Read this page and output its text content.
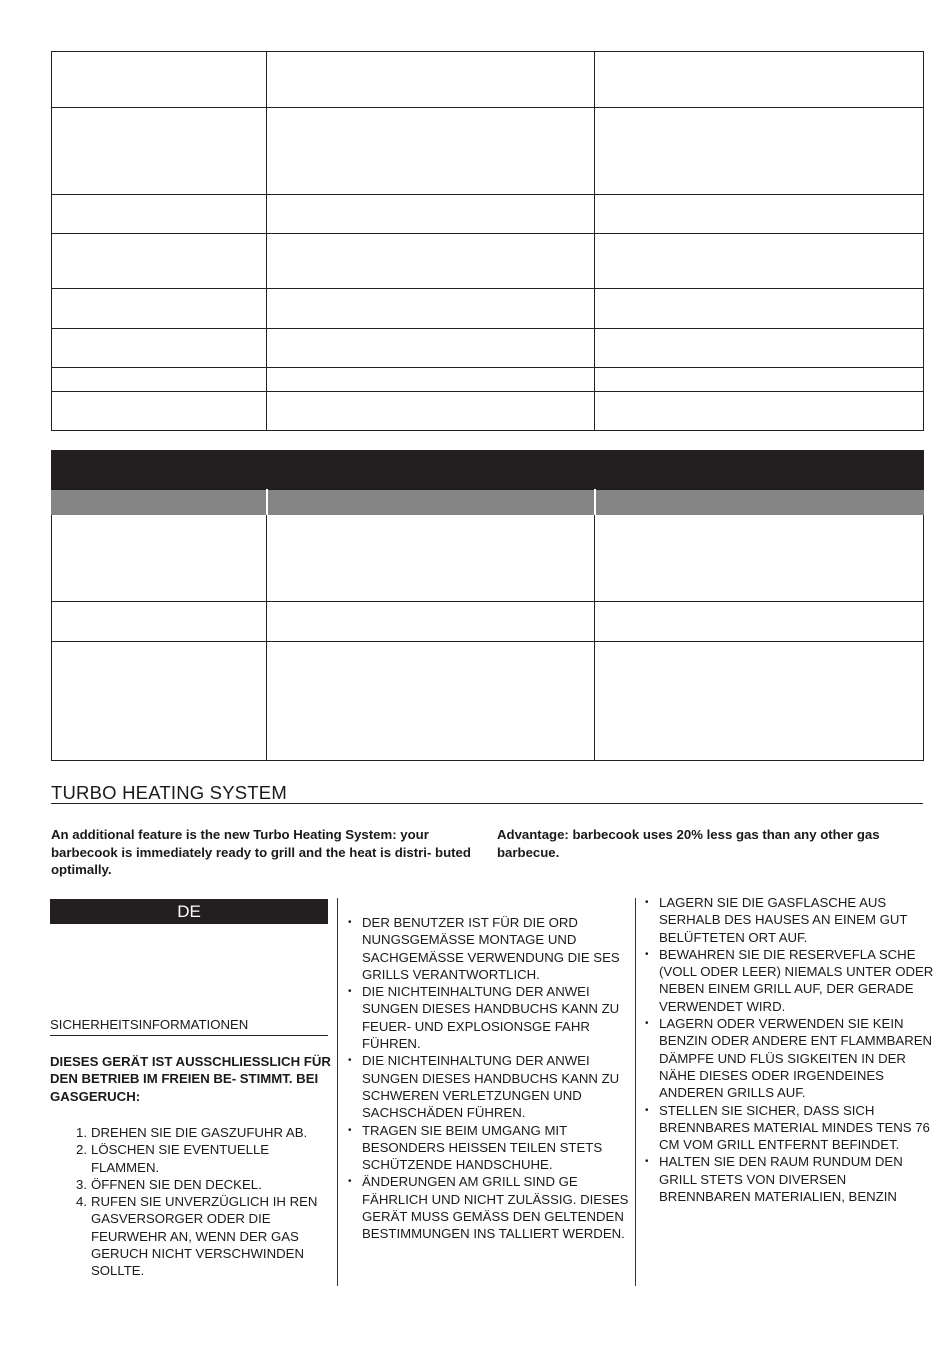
TURBO HEATING SYSTEM

An additional feature is the new Turbo Heating System: your barbecook is immediately ready to grill and the heat is distri- buted optimally.

Advantage: barbecook uses 20% less gas than any other gas barbecue.

DE
SICHERHEITSINFORMATIONEN

DIESES GERÄT IST AUSSCHLIESSLICH FÜR DEN BETRIEB IM FREIEN BE- STIMMT. BEI GASGERUCH:

1. DREHEN SIE DIE GASZUFUHR AB.
2. LÖSCHEN SIE EVENTUELLE FLAMMEN.
3. ÖFFNEN SIE DEN DECKEL.
4. RUFEN SIE UNVERZÜGLICH IH REN GASVERSORGER ODER DIE FEURWEHR AN, WENN DER GAS GERUCH NICHT VERSCHWINDEN SOLLTE.
• DER BENUTZER IST FÜR DIE ORD NUNGSGEMÄSSE MONTAGE UND SACHGEMÄSSE VERWENDUNG DIE SES GRILLS VERANTWORTLICH.
• DIE NICHTEINHALTUNG DER ANWEI SUNGEN DIESES HANDBUCHS KANN ZU FEUER- UND EXPLOSIONSGE FAHR FÜHREN.
• DIE NICHTEINHALTUNG DER ANWEI SUNGEN DIESES HANDBUCHS KANN ZU SCHWEREN VERLETZUNGEN UND SACHSCHÄDEN FÜHREN.
• TRAGEN SIE BEIM UMGANG MIT BESONDERS HEISSEN TEILEN STETS SCHÜTZENDE HANDSCHUHE.
• ÄNDERUNGEN AM GRILL SIND GE FÄHRLICH UND NICHT ZULÄSSIG. DIESES GERÄT MUSS GEMÄSS DEN GELTENDEN BESTIMMUNGEN INS TALLIERT WERDEN.
• LAGERN SIE DIE GASFLASCHE AUS SERHALB DES HAUSES AN EINEM GUT BELÜFTETEN ORT AUF.
• BEWAHREN SIE DIE RESERVEFLA SCHE (VOLL ODER LEER) NIEMALS UNTER ODER NEBEN EINEM GRILL AUF, DER GERADE VERWENDET WIRD.
• LAGERN ODER VERWENDEN SIE KEIN BENZIN ODER ANDERE ENT FLAMMBAREN DÄMPFE UND FLÜS SIGKEITEN IN DER NÄHE DIESES ODER IRGENDEINES ANDEREN GRILLS AUF.
• STELLEN SIE SICHER, DASS SICH BRENNBARES MATERIAL MINDES TENS 76 CM VOM GRILL ENTFERNT BEFINDET.
• HALTEN SIE DEN RAUM RUNDUM DEN GRILL STETS VON DIVERSEN BRENNBAREN MATERIALIEN, BENZIN
